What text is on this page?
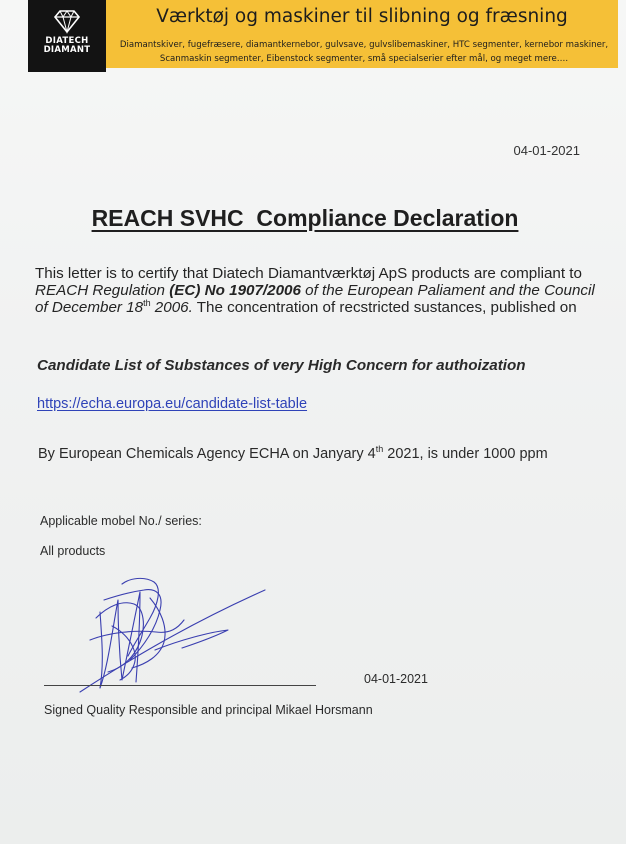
DIATECH
DIAMANT
Værktøj og maskiner til slibning og fræsning
Diamantskiver, fugefræsere, diamantkernebor, gulvsave, gulvslibemaskiner, HTC segmenter, kernebor maskiner, Scanmaskin segmenter, Eibenstock segmenter, små specialserier efter mål, og meget mere….
04-01-2021
REACH SVHC  Compliance Declaration
This letter is to certify that Diatech Diamantværktøj ApS products are compliant to REACH Regulation (EC) No 1907/2006 of the European Paliament and the Council of December 18th 2006. The concentration of recstricted sustances, published on
Candidate List of Substances of very High Concern for authoization
https://echa.europa.eu/candidate-list-table
By European Chemicals Agency ECHA on Janyary 4th 2021, is under 1000 ppm
Applicable mobel No./ series:
All products
04-01-2021
Signed Quality Responsible and principal Mikael Horsmann
